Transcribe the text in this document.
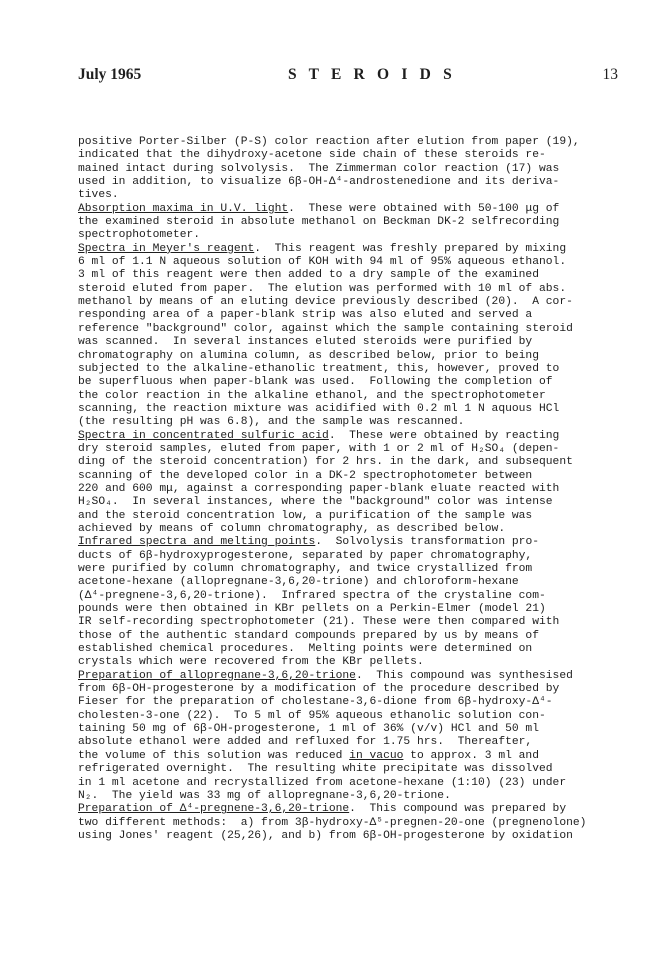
July 1965	S T E R O I D S	13
positive Porter-Silber (P-S) color reaction after elution from paper (19),
indicated that the dihydroxy-acetone side chain of these steroids re-
mained intact during solvolysis.  The Zimmerman color reaction (17) was
used in addition, to visualize 6β-OH-Δ⁴-androstenedione and its deriva-
tives.
Absorption maxima in U.V. light.  These were obtained with 50-100 μg of
the examined steroid in absolute methanol on Beckman DK-2 selfrecording
spectrophotometer.
Spectra in Meyer's reagent.  This reagent was freshly prepared by mixing
6 ml of 1.1 N aqueous solution of KOH with 94 ml of 95% aqueous ethanol.
3 ml of this reagent were then added to a dry sample of the examined
steroid eluted from paper.  The elution was performed with 10 ml of abs.
methanol by means of an eluting device previously described (20).  A cor-
responding area of a paper-blank strip was also eluted and served a
reference "background" color, against which the sample containing steroid
was scanned.  In several instances eluted steroids were purified by
chromatography on alumina column, as described below, prior to being
subjected to the alkaline-ethanolic treatment, this, however, proved to
be superfluous when paper-blank was used.  Following the completion of
the color reaction in the alkaline ethanol, and the spectrophotometer
scanning, the reaction mixture was acidified with 0.2 ml 1 N aquous HCl
(the resulting pH was 6.8), and the sample was rescanned.
Spectra in concentrated sulfuric acid.  These were obtained by reacting
dry steroid samples, eluted from paper, with 1 or 2 ml of H₂SO₄ (depen-
ding of the steroid concentration) for 2 hrs. in the dark, and subsequent
scanning of the developed color in a DK-2 spectrophotometer between
220 and 600 mμ, against a corresponding paper-blank eluate reacted with
H₂SO₄.  In several instances, where the "background" color was intense
and the steroid concentration low, a purification of the sample was
achieved by means of column chromatography, as described below.
Infrared spectra and melting points.  Solvolysis transformation pro-
ducts of 6β-hydroxyprogesterone, separated by paper chromatography,
were purified by column chromatography, and twice crystallized from
acetone-hexane (allopregnane-3,6,20-trione) and chloroform-hexane
(Δ⁴-pregnene-3,6,20-trione).  Infrared spectra of the crystaline com-
pounds were then obtained in KBr pellets on a Perkin-Elmer (model 21)
IR self-recording spectrophotometer (21). These were then compared with
those of the authentic standard compounds prepared by us by means of
established chemical procedures.  Melting points were determined on
crystals which were recovered from the KBr pellets.
Preparation of allopregnane-3,6,20-trione.  This compound was synthesised
from 6β-OH-progesterone by a modification of the procedure described by
Fieser for the preparation of cholestane-3,6-dione from 6β-hydroxy-Δ⁴-
cholesten-3-one (22).  To 5 ml of 95% aqueous ethanolic solution con-
taining 50 mg of 6β-OH-progesterone, 1 ml of 36% (v/v) HCl and 50 ml
absolute ethanol were added and refluxed for 1.75 hrs.  Thereafter,
the volume of this solution was reduced in vacuo to approx. 3 ml and
refrigerated overnight.  The resulting white precipitate was dissolved
in 1 ml acetone and recrystallized from acetone-hexane (1:10) (23) under
N₂.  The yield was 33 mg of allopregnane-3,6,20-trione.
Preparation of Δ⁴-pregnene-3,6,20-trione.  This compound was prepared by
two different methods:  a) from 3β-hydroxy-Δ⁵-pregnen-20-one (pregnenolone)
using Jones' reagent (25,26), and b) from 6β-OH-progesterone by oxidation
